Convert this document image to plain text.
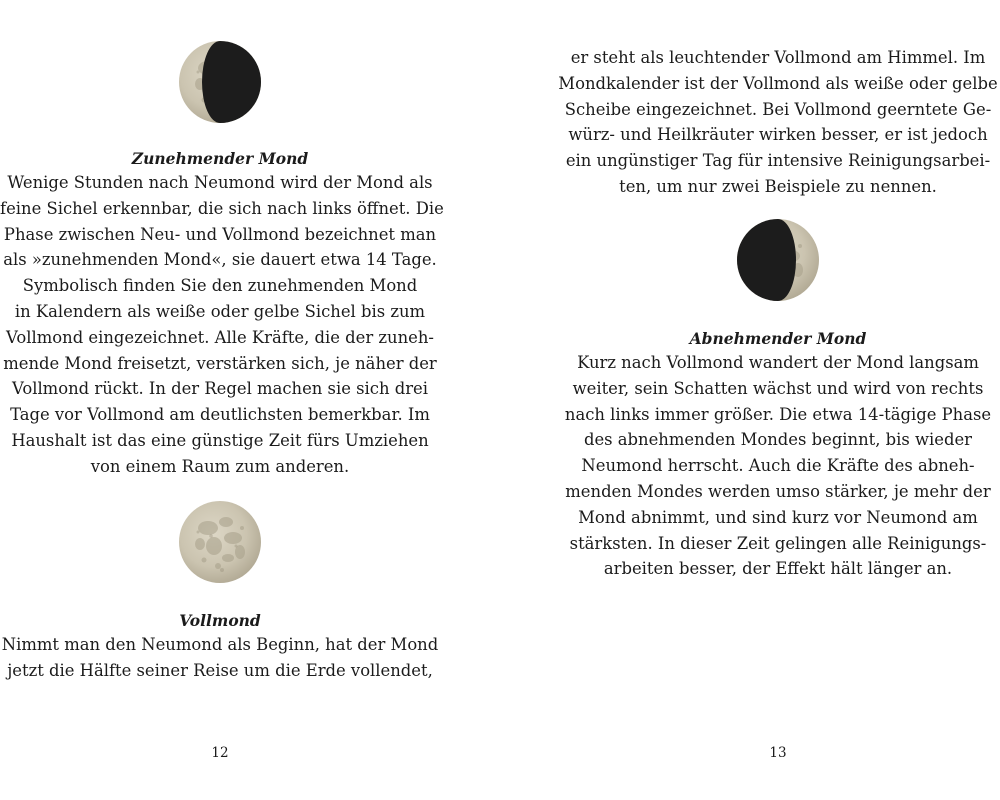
Zunehmender Mond

Wenige Stunden nach Neumond wird der Mond als
feine Sichel erkennbar, die sich nach links öffnet. Die
Phase zwischen Neu- und Vollmond bezeichnet man
als »zunehmenden Mond«, sie dauert etwa 14 Tage.
Symbolisch finden Sie den zunehmenden Mond
in Kalendern als weiße oder gelbe Sichel bis zum
Vollmond eingezeichnet. Alle Kräfte, die der zuneh-
mende Mond freisetzt, verstärken sich, je näher der
Vollmond rückt. In der Regel machen sie sich drei
Tage vor Vollmond am deutlichsten bemerkbar. Im
Haushalt ist das eine günstige Zeit fürs Umziehen
von einem Raum zum anderen.

Vollmond

Nimmt man den Neumond als Beginn, hat der Mond
jetzt die Hälfte seiner Reise um die Erde vollendet,

12

er steht als leuchtender Vollmond am Himmel. Im
Mondkalender ist der Vollmond als weiße oder gelbe
Scheibe eingezeichnet. Bei Vollmond geerntete Ge-
würz- und Heilkräuter wirken besser, er ist jedoch
ein ungünstiger Tag für intensive Reinigungsarbei-
ten, um nur zwei Beispiele zu nennen.

Abnehmender Mond

Kurz nach Vollmond wandert der Mond langsam
weiter, sein Schatten wächst und wird von rechts
nach links immer größer. Die etwa 14-tägige Phase
des abnehmenden Mondes beginnt, bis wieder
Neumond herrscht. Auch die Kräfte des abneh-
menden Mondes werden umso stärker, je mehr der
Mond abnimmt, und sind kurz vor Neumond am
stärksten. In dieser Zeit gelingen alle Reinigungs-
arbeiten besser, der Effekt hält länger an.

13
